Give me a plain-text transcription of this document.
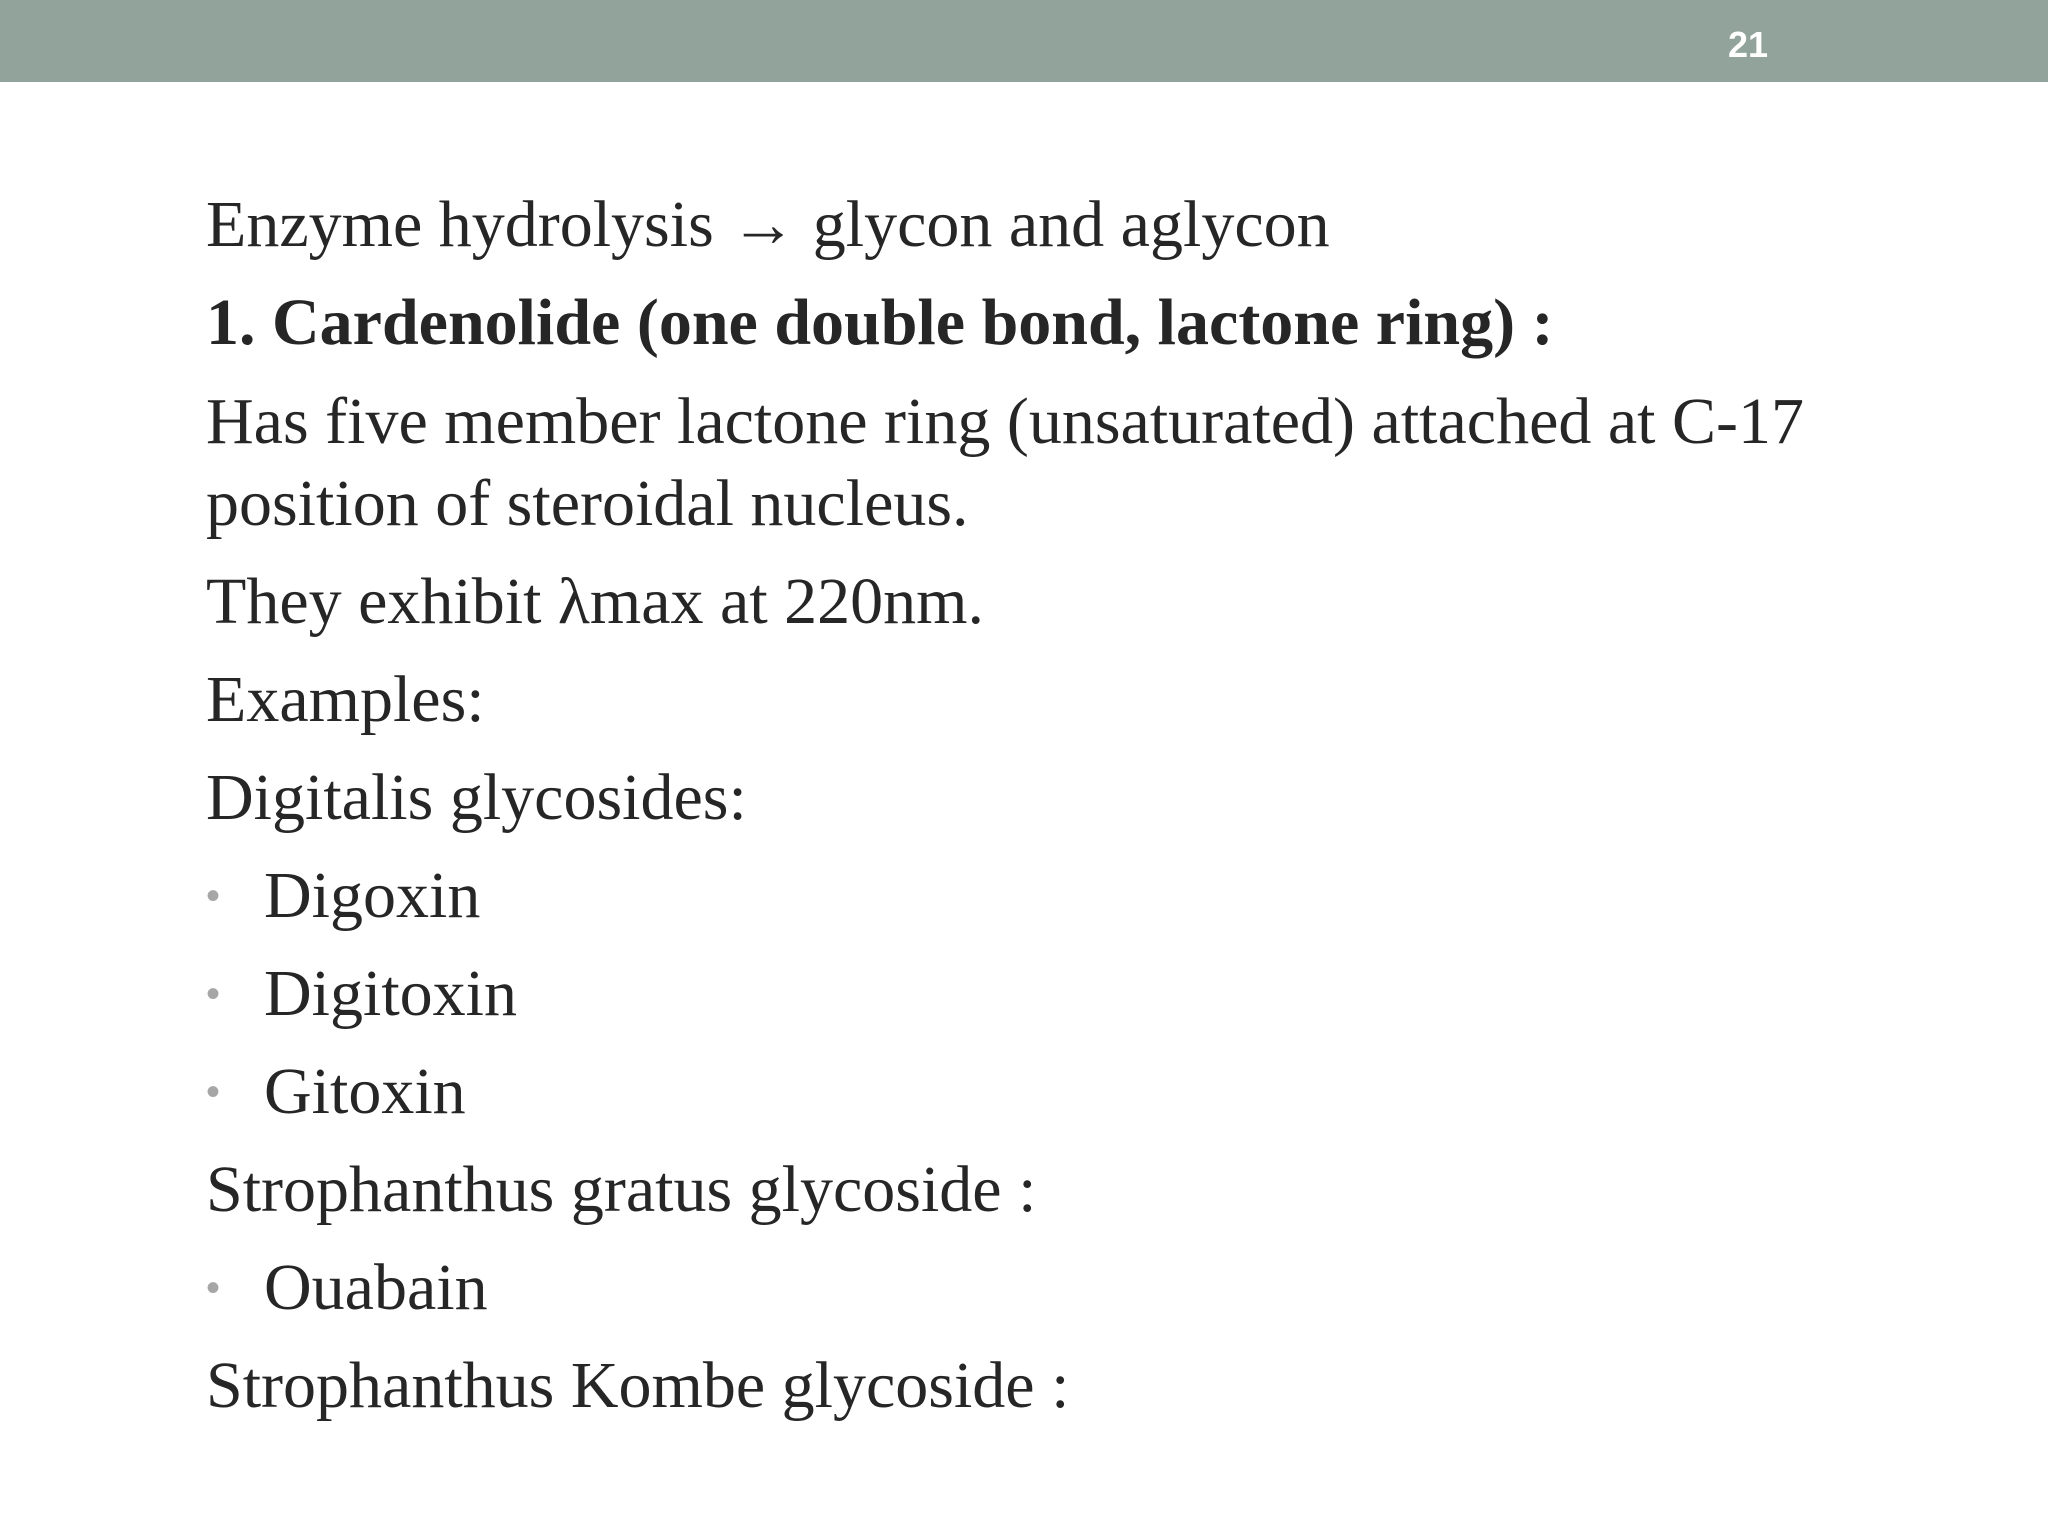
21
Enzyme hydrolysis → glycon and aglycon
1. Cardenolide (one double bond, lactone ring) :
Has five member lactone ring (unsaturated) attached at C-17
position of steroidal nucleus.
They exhibit λmax at 220nm.
Examples:
Digitalis glycosides:
• Digoxin
• Digitoxin
• Gitoxin
Strophanthus gratus glycoside :
• Ouabain
Strophanthus Kombe glycoside :
